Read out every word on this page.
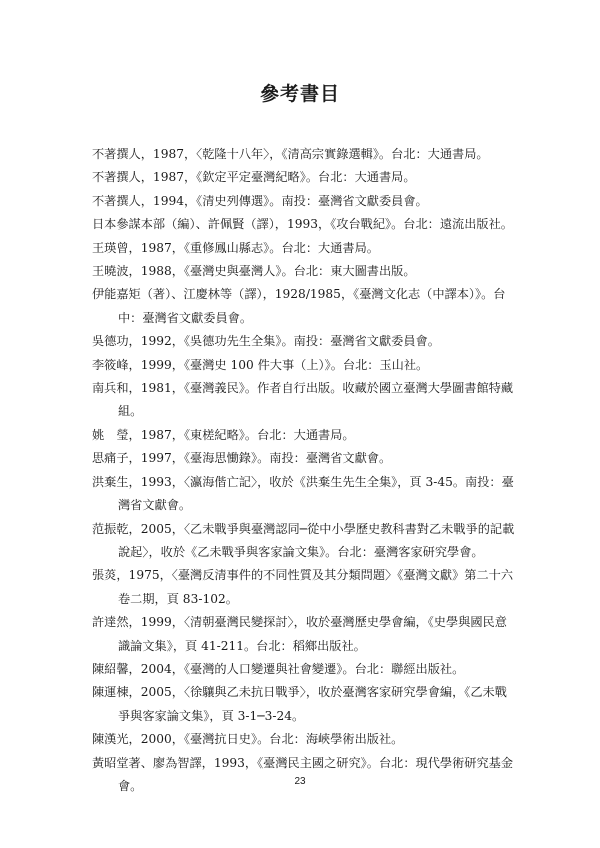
參考書目
不著撰人，1987，〈乾隆十八年〉，《清高宗實錄選輯》。台北：大通書局。
不著撰人，1987，《欽定平定臺灣紀略》。台北：大通書局。
不著撰人，1994，《清史列傳選》。南投：臺灣省文獻委員會。
日本參謀本部（編）、許佩賢（譯），1993，《攻台戰紀》。台北：遠流出版社。
王瑛曾，1987，《重修鳳山縣志》。台北：大通書局。
王曉波，1988，《臺灣史與臺灣人》。台北：東大圖書出版。
伊能嘉矩（著）、江慶林等（譯），1928/1985，《臺灣文化志（中譯本）》。台中：臺灣省文獻委員會。
吳德功，1992，《吳德功先生全集》。南投：臺灣省文獻委員會。
李筱峰，1999，《臺灣史 100 件大事（上）》。台北：玉山社。
南兵和，1981，《臺灣義民》。作者自行出版。收藏於國立臺灣大學圖書館特藏組。
姚　瑩，1987，《東槎紀略》。台北：大通書局。
思痛子，1997，《臺海思慟錄》。南投：臺灣省文獻會。
洪棄生，1993，〈瀛海偕亡記〉，收於《洪棄生先生全集》，頁 3-45。南投：臺灣省文獻會。
范振乾，2005，〈乙未戰爭與臺灣認同─從中小學歷史教科書對乙未戰爭的記載說起〉，收於《乙未戰爭與客家論文集》。台北：臺灣客家研究學會。
張菼，1975，〈臺灣反清事件的不同性質及其分類問題〉《臺灣文獻》第二十六卷二期，頁 83-102。
許達然，1999，〈清朝臺灣民變探討〉，收於臺灣歷史學會編，《史學與國民意識論文集》，頁 41-211。台北：稻鄉出版社。
陳紹馨，2004，《臺灣的人口變遷與社會變遷》。台北：聯經出版社。
陳運棟，2005，〈徐驤與乙未抗日戰爭〉，收於臺灣客家研究學會編，《乙未戰爭與客家論文集》，頁 3-1─3-24。
陳漢光，2000，《臺灣抗日史》。台北：海峽學術出版社。
黃昭堂著、廖為智譯，1993，《臺灣民主國之研究》。台北：現代學術研究基金會。	23
